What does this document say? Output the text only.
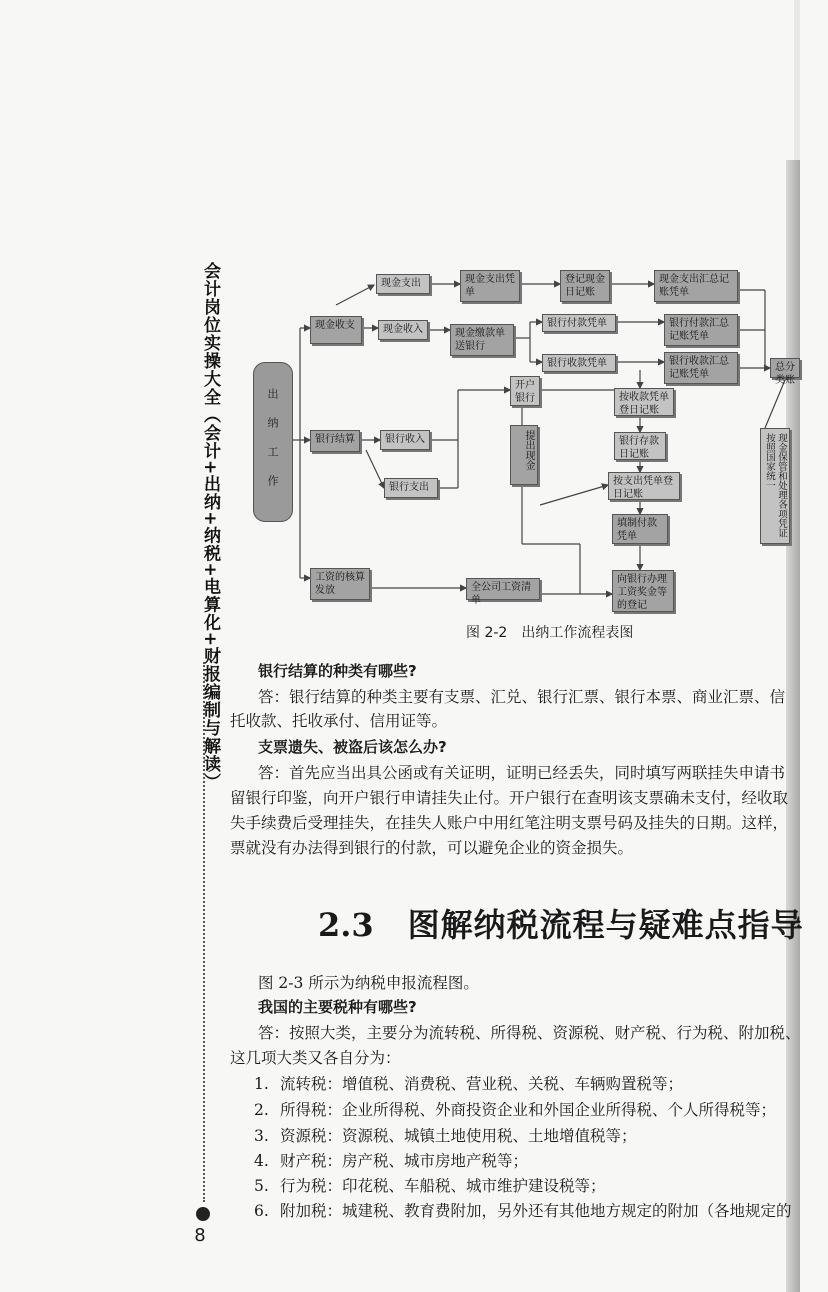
会计岗位实操大全（会计+出纳+纳税+电算化+财报编制与解读）
8
出纳工作
现金收支
现金支出	现金支出凭单
登记现金日记账
现金支出汇总记账凭单
现金收入	现金缴款单送银行
银行付款凭单
银行收款凭单
银行付款汇总记账凭单
银行收款汇总记账凭单
总分类账
开户银行
提出现金
按收款凭单登日记账
银行存款日记账
按支出凭单登日记账
填制付款凭单
银行结算	银行收入
银行支出
工资的核算发放	全公司工资清单
向银行办理工资奖金等的登记
现金保管和处理各项凭证按照国家统一
图 2-2　出纳工作流程表图
银行结算的种类有哪些?
答：银行结算的种类主要有支票、汇兑、银行汇票、银行本票、商业汇票、信
托收款、托收承付、信用证等。
支票遗失、被盗后该怎么办?
答：首先应当出具公函或有关证明，证明已经丢失，同时填写两联挂失申请书
留银行印鉴，向开户银行申请挂失止付。开户银行在查明该支票确未支付，经收取
失手续费后受理挂失，在挂失人账户中用红笔注明支票号码及挂失的日期。这样，
票就没有办法得到银行的付款，可以避免企业的资金损失。
2.3 图解纳税流程与疑难点指导
图 2-3 所示为纳税申报流程图。
我国的主要税种有哪些?
答：按照大类，主要分为流转税、所得税、资源税、财产税、行为税、附加税、
这几项大类又各自分为：
1. 流转税：增值税、消费税、营业税、关税、车辆购置税等；
2. 所得税：企业所得税、外商投资企业和外国企业所得税、个人所得税等；
3. 资源税：资源税、城镇土地使用税、土地增值税等；
4. 财产税：房产税、城市房地产税等；
5. 行为税：印花税、车船税、城市维护建设税等；
6. 附加税：城建税、教育费附加，另外还有其他地方规定的附加（各地规定的
